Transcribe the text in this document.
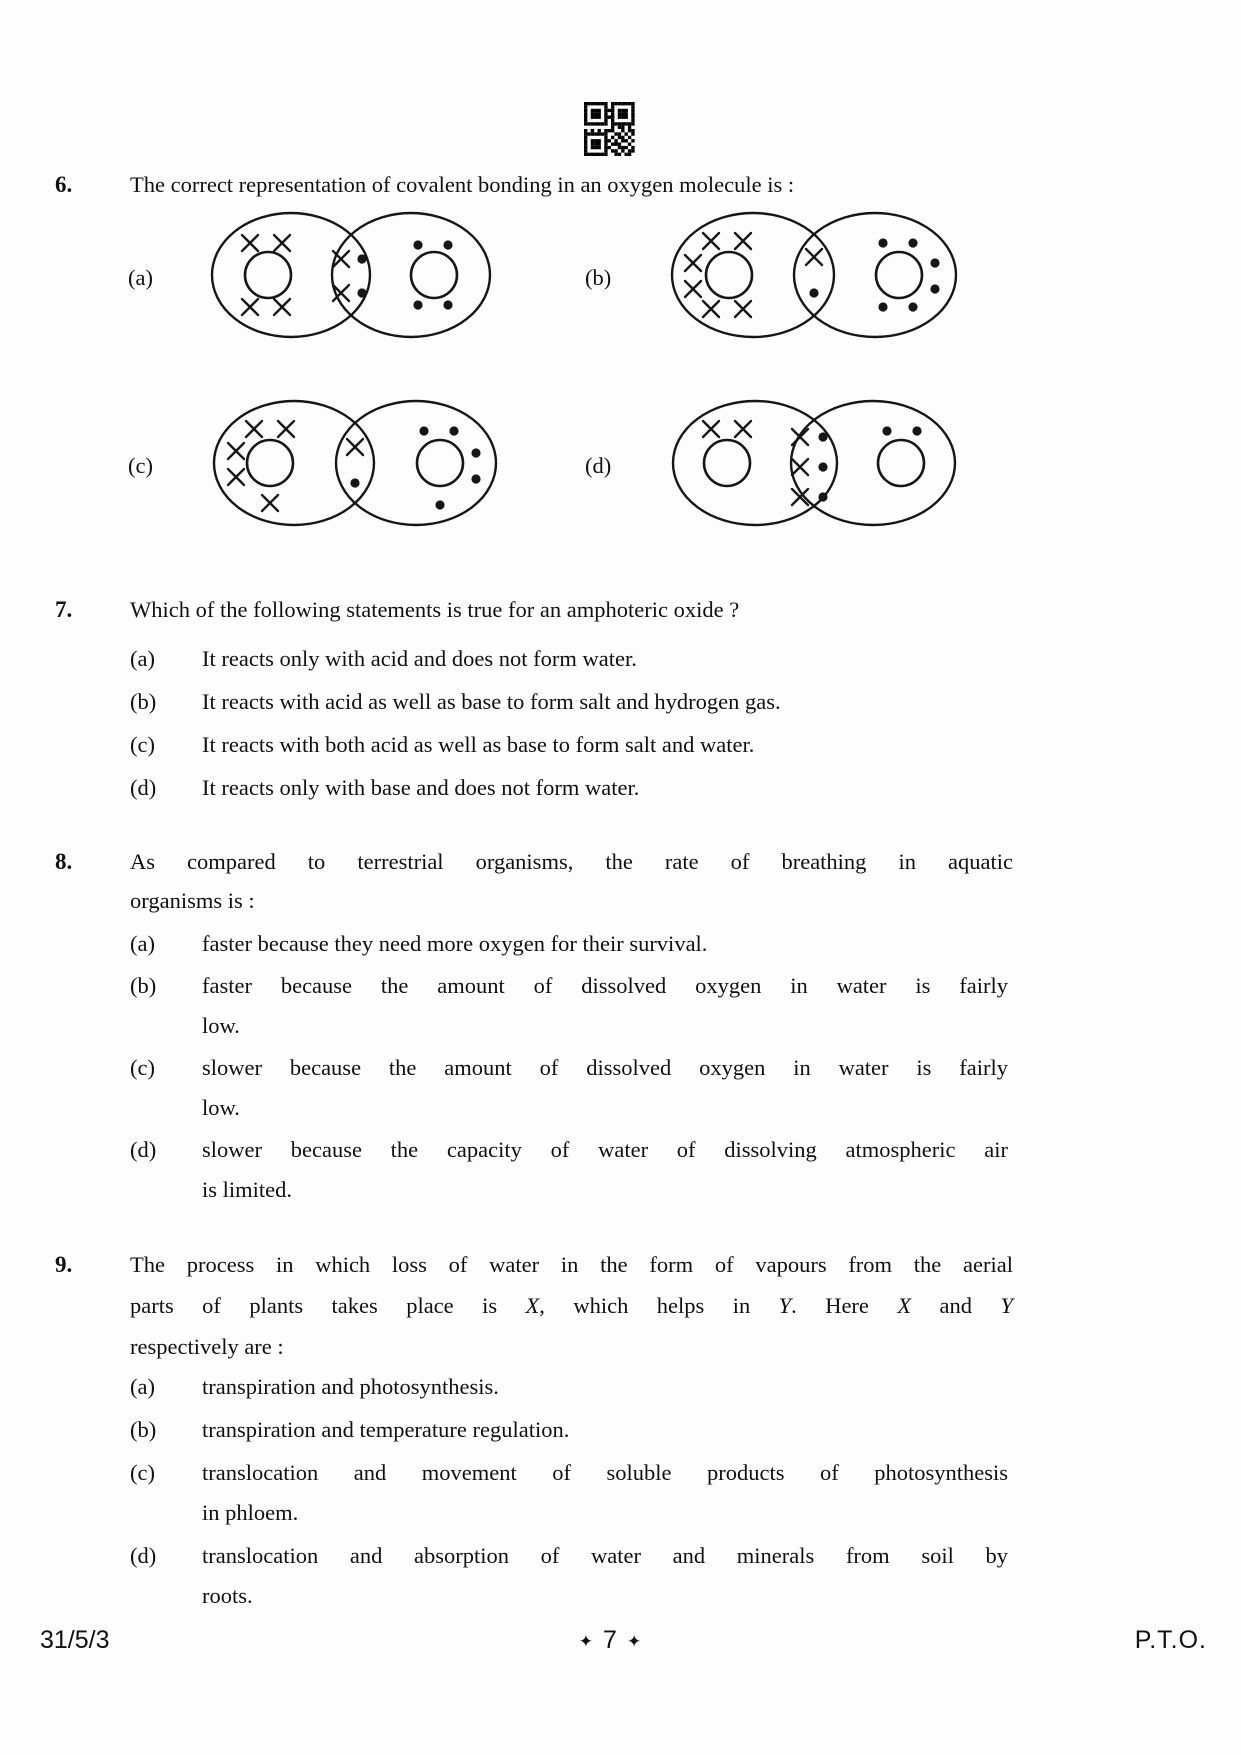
6.	The correct representation of covalent bonding in an oxygen molecule is :

(a)	(b)
(c)	(d)
7.	Which of the following statements is true for an amphoteric oxide ?

(a)	It reacts only with acid and does not form water.
(b)	It reacts with acid as well as base to form salt and hydrogen gas.
(c)	It reacts with both acid as well as base to form salt and water.
(d)	It reacts only with base and does not form water.
8.	As compared to terrestrial organisms, the rate of breathing in aquatic
organisms is :
(a)	faster because they need more oxygen for their survival.
(b)	faster because the amount of dissolved oxygen in water is fairly
low.
(c)	slower because the amount of dissolved oxygen in water is fairly
low.
(d)	slower because the capacity of water of dissolving atmospheric air
is limited.
9.	The process in which loss of water in the form of vapours from the aerial
parts of plants takes place is X, which helps in Y. Here X and Y
respectively are :
(a)	transpiration and photosynthesis.
(b)	transpiration and temperature regulation.
(c)	translocation and movement of soluble products of photosynthesis
in phloem.
(d)	translocation and absorption of water and minerals from soil by
roots.
31/5/3	✦ 7 ✦	P.T.O.
